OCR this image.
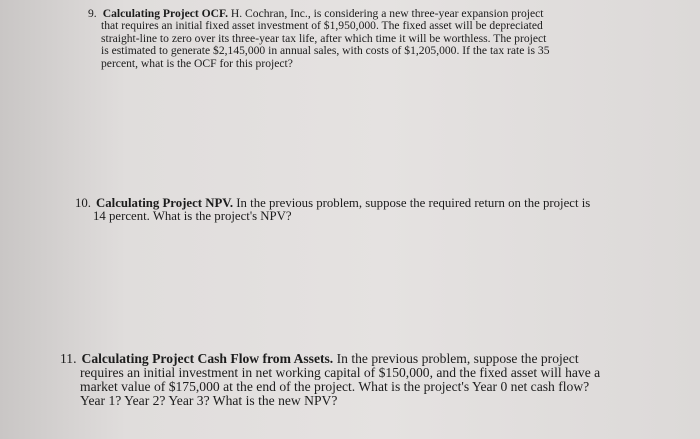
9. Calculating Project OCF. H. Cochran, Inc., is considering a new three-year expansion project
that requires an initial fixed asset investment of $1,950,000. The fixed asset will be depreciated
straight-line to zero over its three-year tax life, after which time it will be worthless. The project
is estimated to generate $2,145,000 in annual sales, with costs of $1,205,000. If the tax rate is 35
percent, what is the OCF for this project?
10. Calculating Project NPV. In the previous problem, suppose the required return on the project is
14 percent. What is the project's NPV?
11. Calculating Project Cash Flow from Assets. In the previous problem, suppose the project
requires an initial investment in net working capital of $150,000, and the fixed asset will have a
market value of $175,000 at the end of the project. What is the project's Year 0 net cash flow?
Year 1? Year 2? Year 3? What is the new NPV?
